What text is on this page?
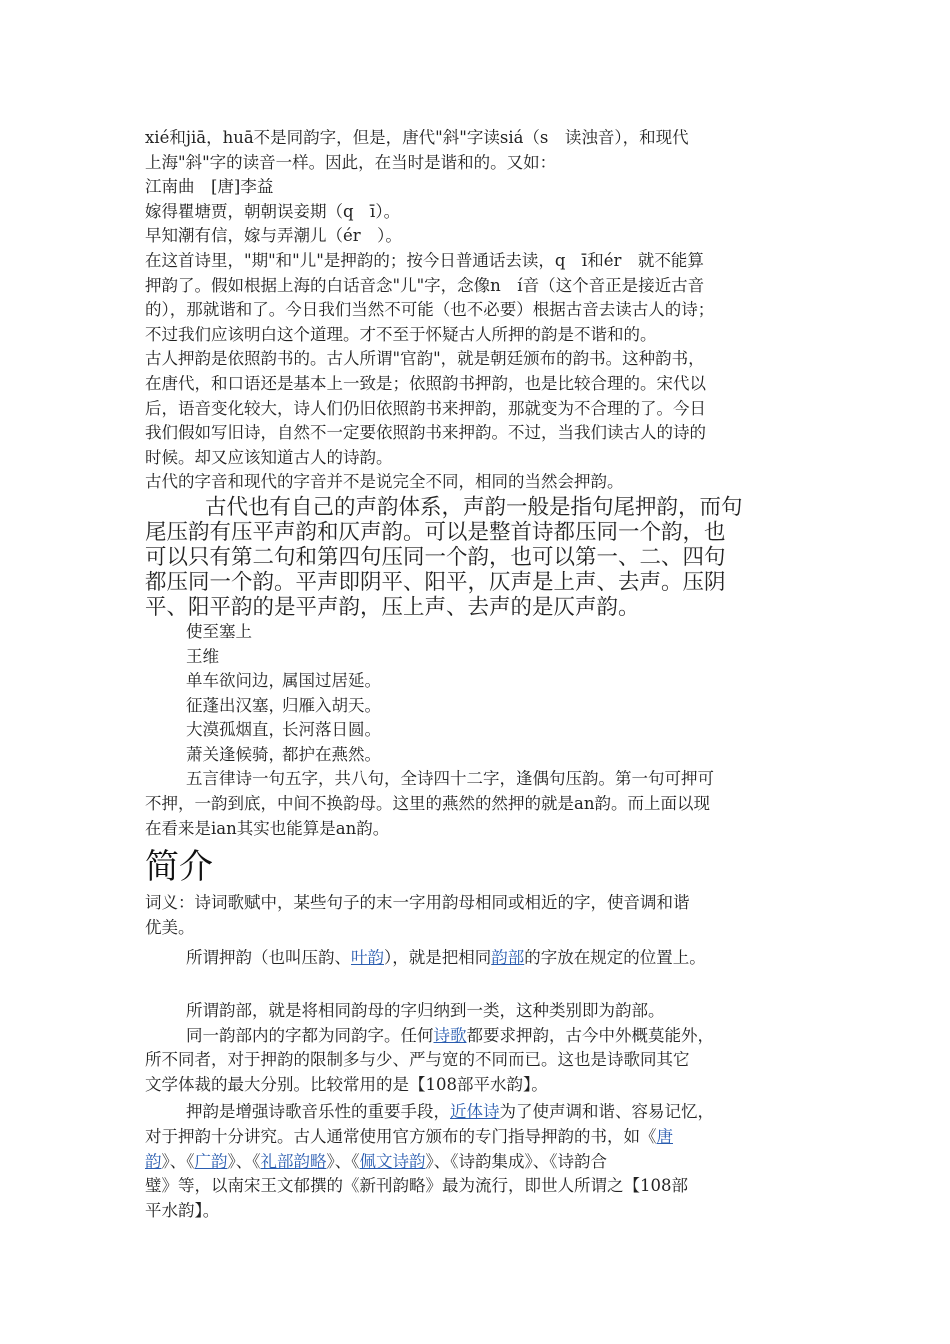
xié和jiā，huā不是同韵字，但是，唐代"斜"字读siá（s　读浊音），和现代
上海"斜"字的读音一样。因此，在当时是谐和的。又如：
江南曲　[唐]李益
嫁得瞿塘贾，朝朝误妾期（q　ī）。
早知潮有信，嫁与弄潮儿（ér　）。
在这首诗里，"期"和"儿"是押韵的；按今日普通话去读，q　ī和ér　就不能算
押韵了。假如根据上海的白话音念"儿"字，念像n　í音（这个音正是接近古音
的），那就谐和了。今日我们当然不可能（也不必要）根据古音去读古人的诗；
不过我们应该明白这个道理。才不至于怀疑古人所押的韵是不谐和的。
古人押韵是依照韵书的。古人所谓"官韵"，就是朝廷颁布的韵书。这种韵书，
在唐代，和口语还是基本上一致是；依照韵书押韵，也是比较合理的。宋代以
后，语音变化较大，诗人们仍旧依照韵书来押韵，那就变为不合理的了。今日
我们假如写旧诗，自然不一定要依照韵书来押韵。不过，当我们读古人的诗的
时候。却又应该知道古人的诗韵。
古代的字音和现代的字音并不是说完全不同，相同的当然会押韵。
古代也有自己的声韵体系，声韵一般是指句尾押韵，而句
尾压韵有压平声韵和仄声韵。可以是整首诗都压同一个韵，也
可以只有第二句和第四句压同一个韵，也可以第一、二、四句
都压同一个韵。平声即阴平、阳平，仄声是上声、去声。压阴
平、阳平韵的是平声韵，压上声、去声的是仄声韵。
使至塞上
王维
单车欲问边，属国过居延。
征蓬出汉塞，归雁入胡天。
大漠孤烟直，长河落日圆。
萧关逢候骑，都护在燕然。
五言律诗一句五字，共八句，全诗四十二字，逢偶句压韵。第一句可押可
不押，一韵到底，中间不换韵母。这里的燕然的然押的就是an韵。而上面以现
在看来是ian其实也能算是an韵。
简介
词义：诗词歌赋中，某些句子的末一字用韵母相同或相近的字，使音调和谐
优美。
所谓押韵（也叫压韵、叶韵），就是把相同韵部的字放在规定的位置上。
所谓韵部，就是将相同韵母的字归纳到一类，这种类别即为韵部。
同一韵部内的字都为同韵字。任何诗歌都要求押韵，古今中外概莫能外，
所不同者，对于押韵的限制多与少、严与宽的不同而已。这也是诗歌同其它
文学体裁的最大分别。比较常用的是【108部平水韵】。
押韵是增强诗歌音乐性的重要手段，近体诗为了使声调和谐、容易记忆，
对于押韵十分讲究。古人通常使用官方颁布的专门指导押韵的书，如《唐
韵》、《广韵》、《礼部韵略》、《佩文诗韵》、《诗韵集成》、《诗韵合
璧》等，以南宋王文郁撰的《新刊韵略》最为流行，即世人所谓之【108部
平水韵】。
